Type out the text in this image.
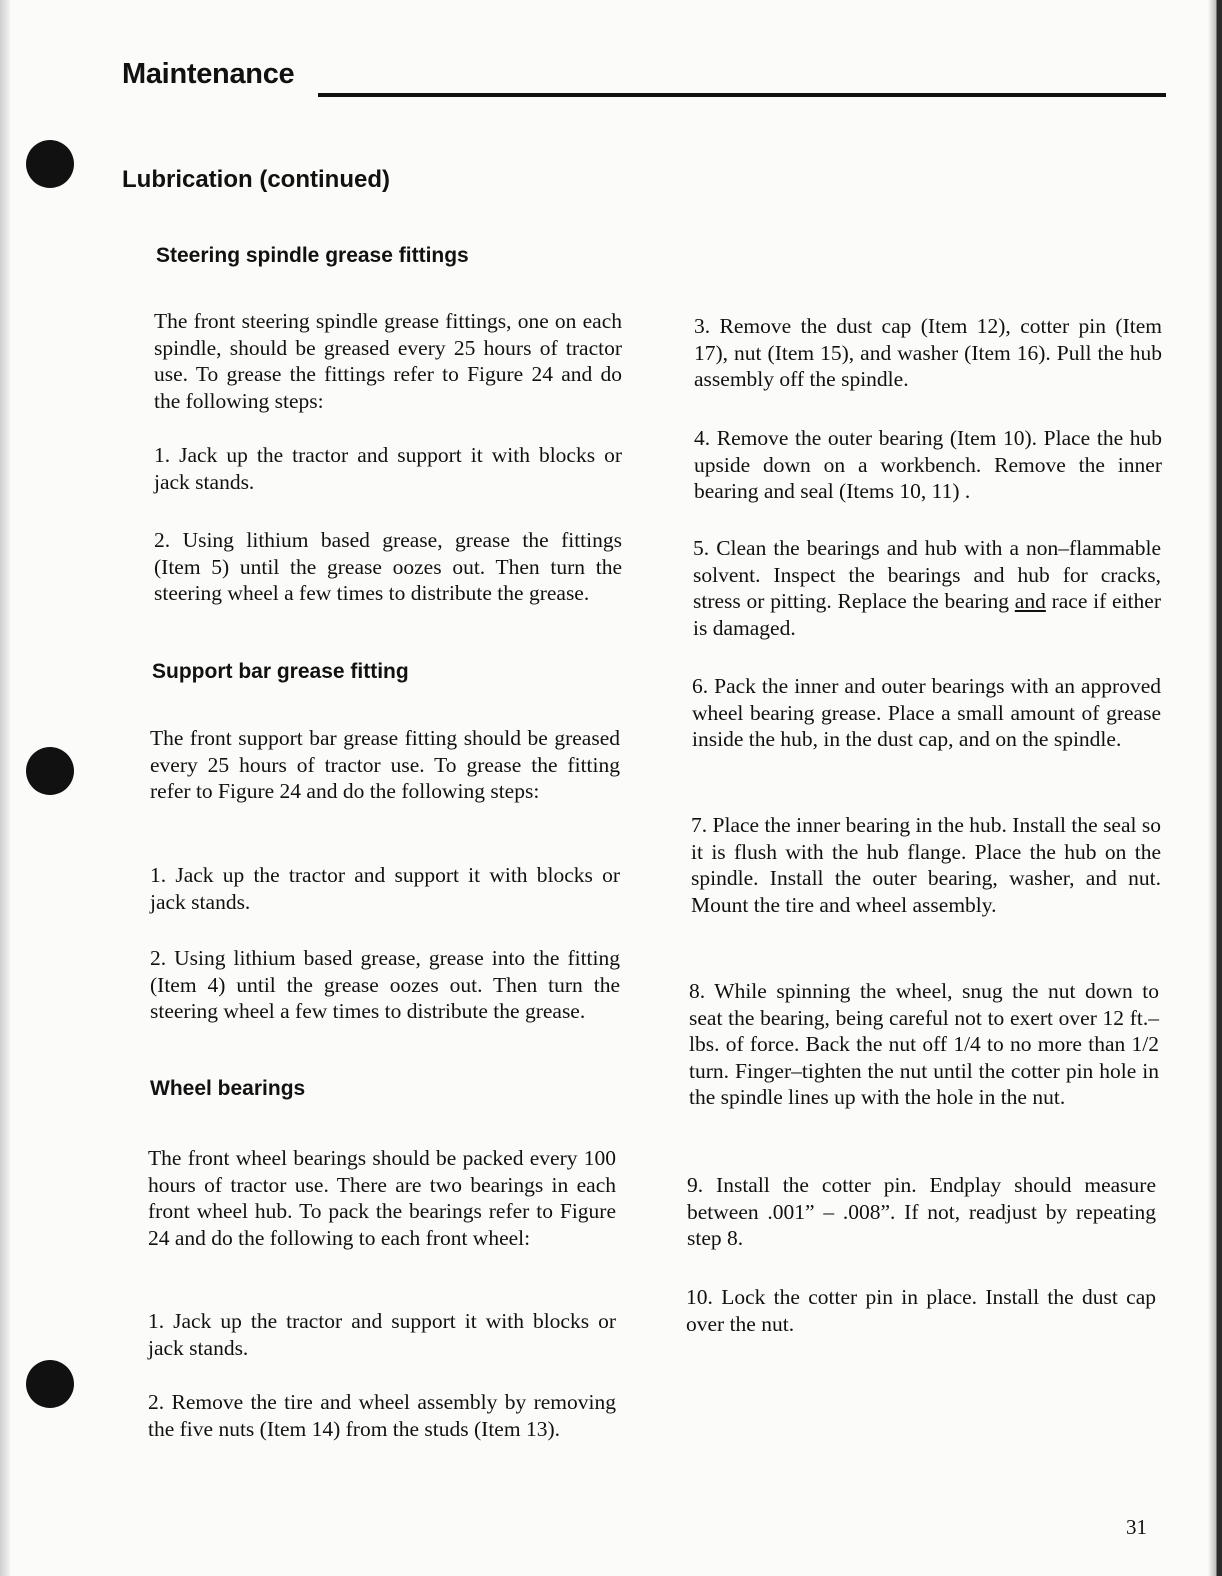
Maintenance
Lubrication (continued)
Steering spindle grease fittings

The front steering spindle grease fittings, one on each spindle, should be greased every 25 hours of tractor use. To grease the fittings refer to Figure 24 and do the following steps:

1. Jack up the tractor and support it with blocks or jack stands.

2. Using lithium based grease, grease the fittings (Item 5) until the grease oozes out. Then turn the steering wheel a few times to distribute the grease.

Support bar grease fitting

The front support bar grease fitting should be greased every 25 hours of tractor use. To grease the fitting refer to Figure 24 and do the following steps:

1. Jack up the tractor and support it with blocks or jack stands.

2. Using lithium based grease, grease into the fitting (Item 4) until the grease oozes out. Then turn the steering wheel a few times to distribute the grease.

Wheel bearings

The front wheel bearings should be packed every 100 hours of tractor use. There are two bearings in each front wheel hub. To pack the bearings refer to Figure 24 and do the following to each front wheel:

1. Jack up the tractor and support it with blocks or jack stands.

2. Remove the tire and wheel assembly by removing the five nuts (Item 14) from the studs (Item 13).

3. Remove the dust cap (Item 12), cotter pin (Item 17), nut (Item 15), and washer (Item 16). Pull the hub assembly off the spindle.

4. Remove the outer bearing (Item 10). Place the hub upside down on a workbench. Remove the inner bearing and seal (Items 10, 11) .

5. Clean the bearings and hub with a non–flammable solvent. Inspect the bearings and hub for cracks, stress or pitting. Replace the bearing and race if either is damaged.

6. Pack the inner and outer bearings with an approved wheel bearing grease. Place a small amount of grease inside the hub, in the dust cap, and on the spindle.

7. Place the inner bearing in the hub. Install the seal so it is flush with the hub flange. Place the hub on the spindle. Install the outer bearing, washer, and nut. Mount the tire and wheel assembly.

8. While spinning the wheel, snug the nut down to seat the bearing, being careful not to exert over 12 ft.–lbs. of force. Back the nut off 1/4 to no more than 1/2 turn. Finger–tighten the nut until the cotter pin hole in the spindle lines up with the hole in the nut.

9. Install the cotter pin. Endplay should measure between .001” – .008”. If not, readjust by repeating step 8.

10. Lock the cotter pin in place. Install the dust cap over the nut.

31
